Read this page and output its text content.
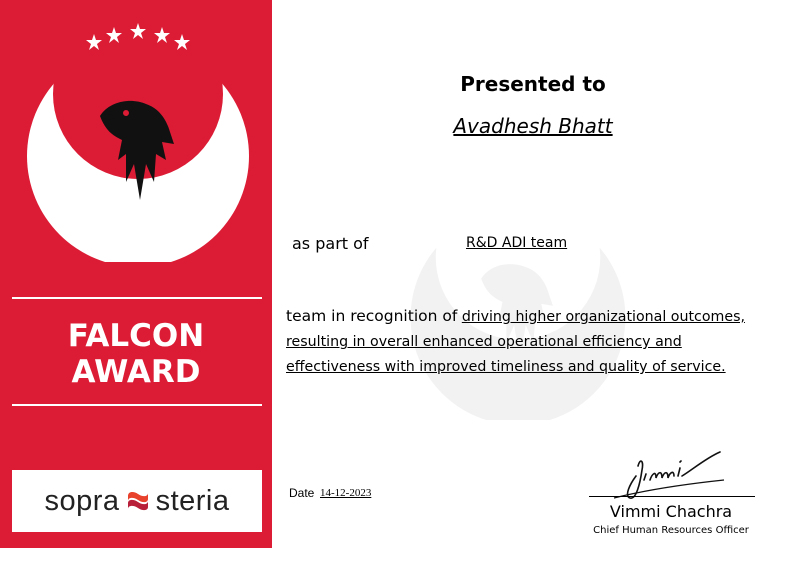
FALCON
AWARD
sopra steria
Presented to
Avadhesh Bhatt
as part of	R&D ADI team
team in recognition of driving higher organizational outcomes, resulting in overall enhanced operational efficiency and effectiveness with improved timeliness and quality of service.
Date 14-12-2023
Vimmi Chachra
Chief Human Resources Officer
